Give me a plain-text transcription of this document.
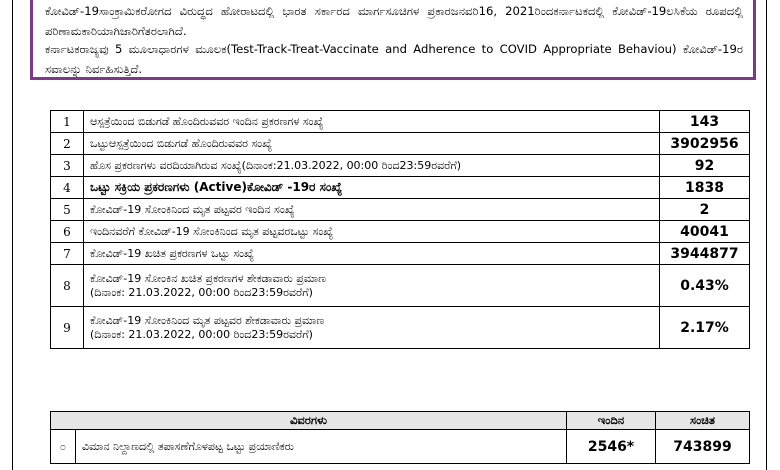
ಕೋವಿಡ್-19ಸಾಂಕ್ರಾಮಿಕರೋಗದ ವಿರುದ್ಧದ ಹೋರಾಟದಲ್ಲಿ ಭಾರತ ಸರ್ಕಾರದ ಮಾರ್ಗಸೂಚಿಗಳ ಪ್ರಕಾರಜನವರಿ16, 2021ರಿಂದಕರ್ನಾಟಕದಲ್ಲಿ ಕೋವಿಡ್-19ಲಸಿಕೆಯ ರೂಪದಲ್ಲಿ ಪರಿಣಾಮಕಾರಿಯಾಗಿಜಾರಿಗೆತರಲಾಗಿದೆ.

ಕರ್ನಾಟಕರಾಜ್ಯವು 5 ಮೂಲಾಧಾರಗಳ ಮೂಲಕ(Test-Track-Treat-Vaccinate and Adherence to COVID Appropriate Behaviou) ಕೋವಿಡ್-19ರ ಸವಾಲನ್ನು ನಿರ್ವಹಿಸುತ್ತಿದೆ.

1	ಆಸ್ಪತ್ರೆಯಿಂದ ಬಿಡುಗಡೆ ಹೊಂದಿರುವವರ ಇಂದಿನ ಪ್ರಕರಣಗಳ ಸಂಖ್ಯೆ	143
2	ಒಟ್ಟುಆಸ್ಪತ್ರೆಯಿಂದ ಬಿಡುಗಡೆ ಹೊಂದಿರುವವರ ಸಂಖ್ಯೆ	3902956
3	ಹೊಸ ಪ್ರಕರಣಗಳು ವರದಿಯಾಗಿರುವ ಸಂಖ್ಯೆ(ದಿನಾಂಕ:21.03.2022, 00:00 ರಿಂದ23:59ರವರೆಗೆ)	92
4	ಒಟ್ಟು ಸಕ್ರಿಯ ಪ್ರಕರಣಗಳು (Active)ಕೋವಿಡ್ -19ರ ಸಂಖ್ಯೆ	1838
5	ಕೋವಿಡ್-19 ಸೋಂಕಿನಿಂದ ಮೃತ ಪಟ್ಟವರ ಇಂದಿನ ಸಂಖ್ಯೆ	2
6	ಇಂದಿನವರೆಗೆ ಕೋವಿಡ್-19 ಸೋಂಕಿನಿಂದ ಮೃತ ಪಟ್ಟವರಒಟ್ಟು ಸಂಖ್ಯೆ	40041
7	ಕೋವಿಡ್-19 ಖಚಿತ ಪ್ರಕರಣಗಳ ಒಟ್ಟು ಸಂಖ್ಯೆ	3944877
8	ಕೋವಿಡ್-19 ಸೋಂಕಿನ ಖಚಿತ ಪ್ರಕರಣಗಳ ಶೇಕಡಾವಾರು ಪ್ರಮಾಣ
(ದಿನಾಂಕ: 21.03.2022, 00:00 ರಿಂದ23:59ರವರೆಗೆ)	0.43%
9	ಕೋವಿಡ್-19 ಸೋಂಕಿನಿಂದ ಮೃತ ಪಟ್ಟವರ ಶೇಕಡಾವಾರು ಪ್ರಮಾಣ
(ದಿನಾಂಕ: 21.03.2022, 00:00 ರಿಂದ23:59ರವರೆಗೆ)	2.17%
ವಿವರಗಳು		ಇಂದಿನ	ಸಂಚಿತ
೦	ವಿಮಾನ ನಿಲ್ದಾಣದಲ್ಲಿ ತಪಾಸಣೆಗೊಳಪಟ್ಟ ಒಟ್ಟು ಪ್ರಯಾಣಿಕರು	2546*	743899
